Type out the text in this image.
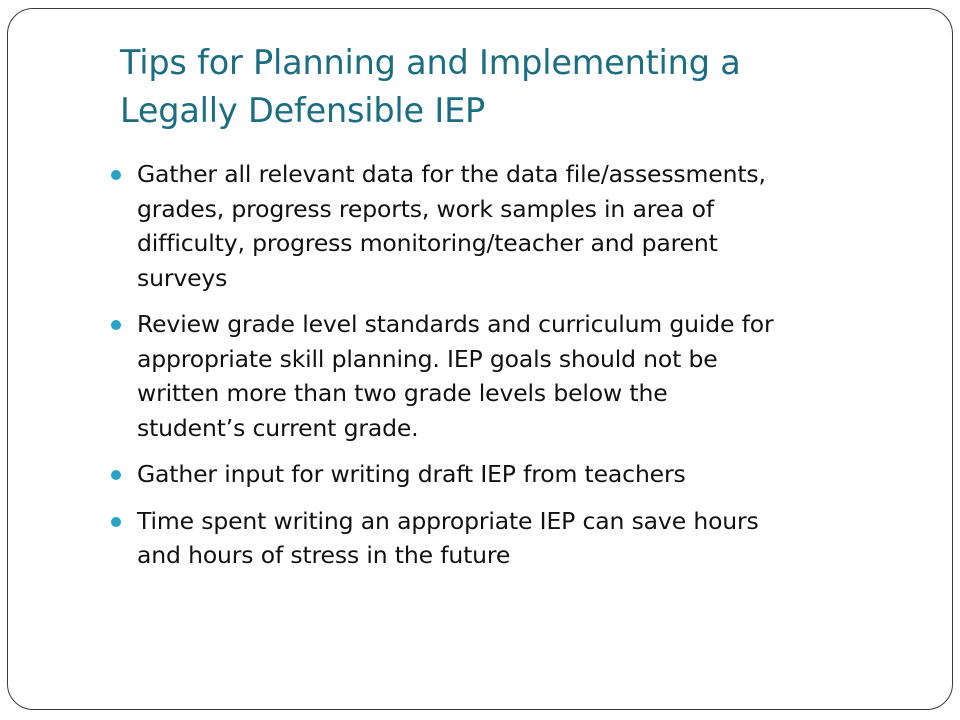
Tips for Planning and Implementing a
Legally Defensible IEP
Gather all relevant data for the data file/assessments,
grades, progress reports, work samples in area of
difficulty, progress monitoring/teacher and parent
surveys
Review grade level standards and curriculum guide for
appropriate skill planning. IEP goals should not be
written more than two grade levels below the
student’s current grade.
Gather input for writing draft IEP from teachers
Time spent writing an appropriate IEP can save hours
and hours of stress in the future
